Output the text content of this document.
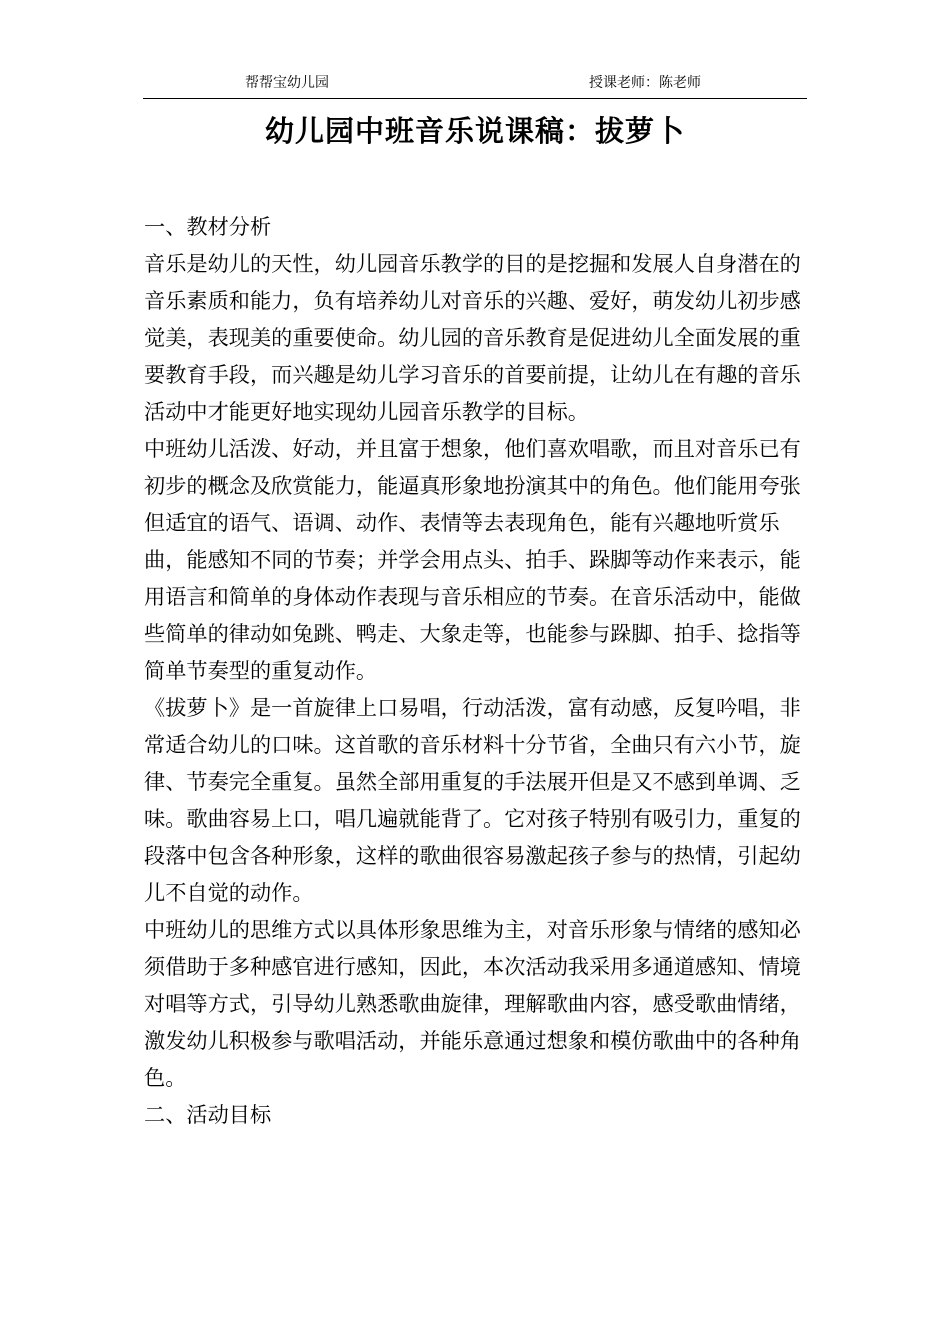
帮帮宝幼儿园	授课老师：陈老师
幼儿园中班音乐说课稿：拔萝卜

一、教材分析

音乐是幼儿的天性，幼儿园音乐教学的目的是挖掘和发展人自身潜在的音乐素质和能力，负有培养幼儿对音乐的兴趣、爱好，萌发幼儿初步感觉美，表现美的重要使命。幼儿园的音乐教育是促进幼儿全面发展的重要教育手段，而兴趣是幼儿学习音乐的首要前提，让幼儿在有趣的音乐活动中才能更好地实现幼儿园音乐教学的目标。

中班幼儿活泼、好动，并且富于想象，他们喜欢唱歌，而且对音乐已有初步的概念及欣赏能力，能逼真形象地扮演其中的角色。他们能用夸张但适宜的语气、语调、动作、表情等去表现角色，能有兴趣地听赏乐曲，能感知不同的节奏；并学会用点头、拍手、跺脚等动作来表示，能用语言和简单的身体动作表现与音乐相应的节奏。在音乐活动中，能做些简单的律动如兔跳、鸭走、大象走等，也能参与跺脚、拍手、捻指等简单节奏型的重复动作。

《拔萝卜》是一首旋律上口易唱，行动活泼，富有动感，反复吟唱，非常适合幼儿的口味。这首歌的音乐材料十分节省，全曲只有六小节，旋律、节奏完全重复。虽然全部用重复的手法展开但是又不感到单调、乏味。歌曲容易上口，唱几遍就能背了。它对孩子特别有吸引力，重复的段落中包含各种形象，这样的歌曲很容易激起孩子参与的热情，引起幼儿不自觉的动作。

中班幼儿的思维方式以具体形象思维为主，对音乐形象与情绪的感知必须借助于多种感官进行感知，因此，本次活动我采用多通道感知、情境对唱等方式，引导幼儿熟悉歌曲旋律，理解歌曲内容，感受歌曲情绪，激发幼儿积极参与歌唱活动，并能乐意通过想象和模仿歌曲中的各种角色。

二、活动目标
